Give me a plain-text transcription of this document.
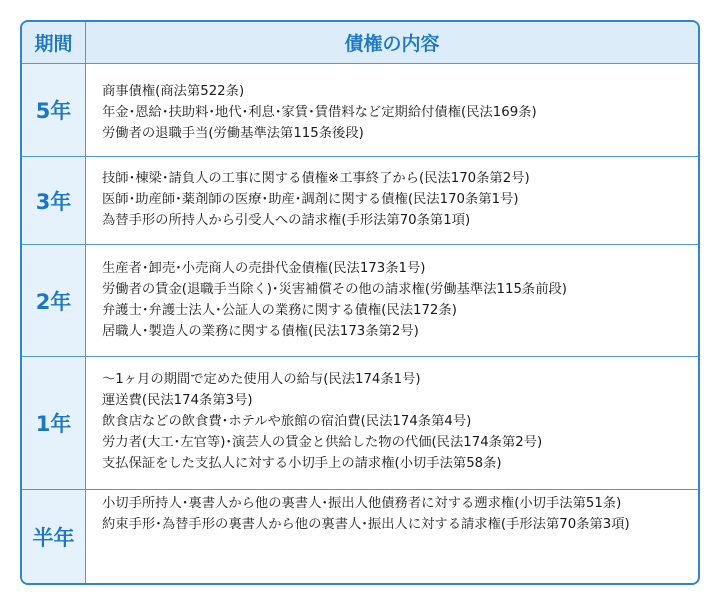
期間	債権の内容
5年
商事債権(商法第522条)
年金･恩給･扶助料･地代･利息･家賃･賃借料など定期給付債権(民法169条)
労働者の退職手当(労働基準法第115条後段)
3年
技師･棟梁･請負人の工事に関する債権※工事終了から(民法170条第2号)
医師･助産師･薬剤師の医療･助産･調剤に関する債権(民法170条第1号)
為替手形の所持人から引受人への請求権(手形法第70条第1項)
2年
生産者･卸売･小売商人の売掛代金債権(民法173条1号)
労働者の賃金(退職手当除く)･災害補償その他の請求権(労働基準法115条前段)
弁護士･弁護士法人･公証人の業務に関する債権(民法172条)
居職人･製造人の業務に関する債権(民法173条第2号)
1年
～1ヶ月の期間で定めた使用人の給与(民法174条1号)
運送費(民法174条第3号)
飲食店などの飲食費･ホテルや旅館の宿泊費(民法174条第4号)
労力者(大工･左官等)･演芸人の賃金と供給した物の代価(民法174条第2号)
支払保証をした支払人に対する小切手上の請求権(小切手法第58条)
半年
小切手所持人･裏書人から他の裏書人･振出人他債務者に対する遡求権(小切手法第51条)
約束手形･為替手形の裏書人から他の裏書人･振出人に対する請求権(手形法第70条第3項)
